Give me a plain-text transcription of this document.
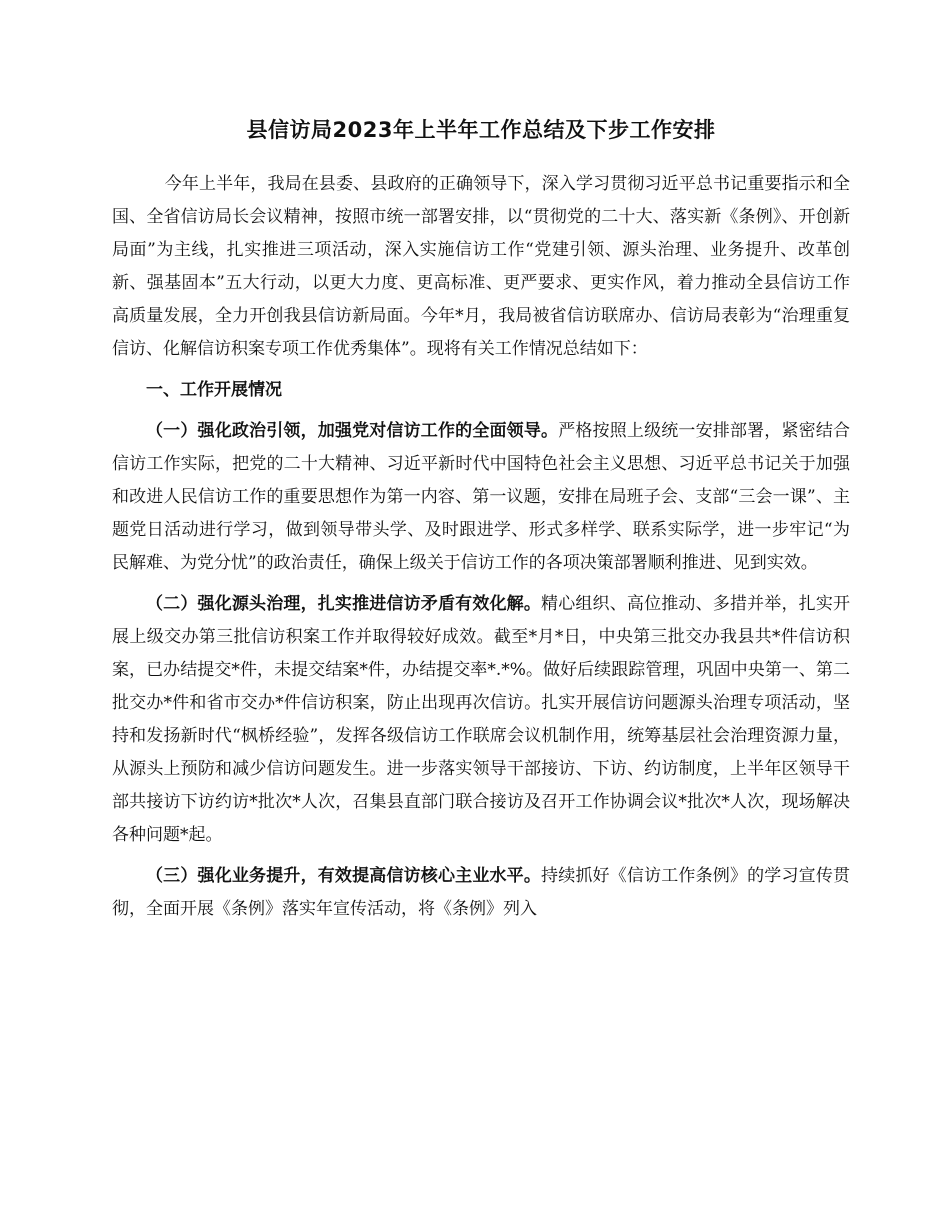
县信访局2023年上半年工作总结及下步工作安排

今年上半年，我局在县委、县政府的正确领导下，深入学习贯彻习近平总书记重要指示和全国、全省信访局长会议精神，按照市统一部署安排，以“贯彻党的二十大、落实新《条例》、开创新局面”为主线，扎实推进三项活动，深入实施信访工作“党建引领、源头治理、业务提升、改革创新、强基固本”五大行动，以更大力度、更高标准、更严要求、更实作风，着力推动全县信访工作高质量发展，全力开创我县信访新局面。今年*月，我局被省信访联席办、信访局表彰为“治理重复信访、化解信访积案专项工作优秀集体”。现将有关工作情况总结如下：

一、工作开展情况

（一）强化政治引领，加强党对信访工作的全面领导。严格按照上级统一安排部署，紧密结合信访工作实际，把党的二十大精神、习近平新时代中国特色社会主义思想、习近平总书记关于加强和改进人民信访工作的重要思想作为第一内容、第一议题，安排在局班子会、支部“三会一课”、主题党日活动进行学习，做到领导带头学、及时跟进学、形式多样学、联系实际学，进一步牢记“为民解难、为党分忧”的政治责任，确保上级关于信访工作的各项决策部署顺利推进、见到实效。

（二）强化源头治理，扎实推进信访矛盾有效化解。精心组织、高位推动、多措并举，扎实开展上级交办第三批信访积案工作并取得较好成效。截至*月*日，中央第三批交办我县共*件信访积案，已办结提交*件，未提交结案*件，办结提交率*.*%。做好后续跟踪管理，巩固中央第一、第二批交办*件和省市交办*件信访积案，防止出现再次信访。扎实开展信访问题源头治理专项活动，坚持和发扬新时代“枫桥经验”，发挥各级信访工作联席会议机制作用，统筹基层社会治理资源力量，从源头上预防和减少信访问题发生。进一步落实领导干部接访、下访、约访制度，上半年区领导干部共接访下访约访*批次*人次，召集县直部门联合接访及召开工作协调会议*批次*人次，现场解决各种问题*起。

（三）强化业务提升，有效提高信访核心主业水平。持续抓好《信访工作条例》的学习宣传贯彻，全面开展《条例》落实年宣传活动，将《条例》列入
